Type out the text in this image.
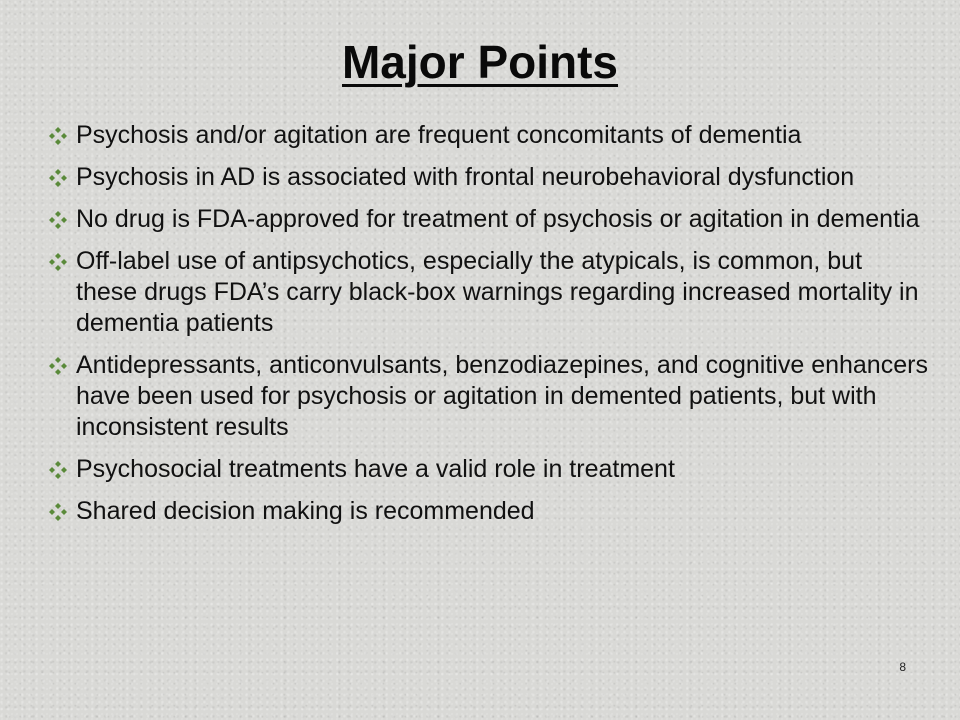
Major Points
Psychosis and/or agitation are frequent concomitants of dementia
Psychosis in AD is associated with frontal neurobehavioral dysfunction
No drug is FDA-approved for treatment of psychosis or agitation in dementia
Off-label use of antipsychotics, especially the atypicals, is common, but these drugs FDA’s carry black-box warnings regarding increased mortality in dementia patients
Antidepressants, anticonvulsants, benzodiazepines, and cognitive enhancers have been used for psychosis or agitation in demented patients, but with inconsistent results
Psychosocial treatments have a valid role in treatment
Shared decision making is recommended
8
